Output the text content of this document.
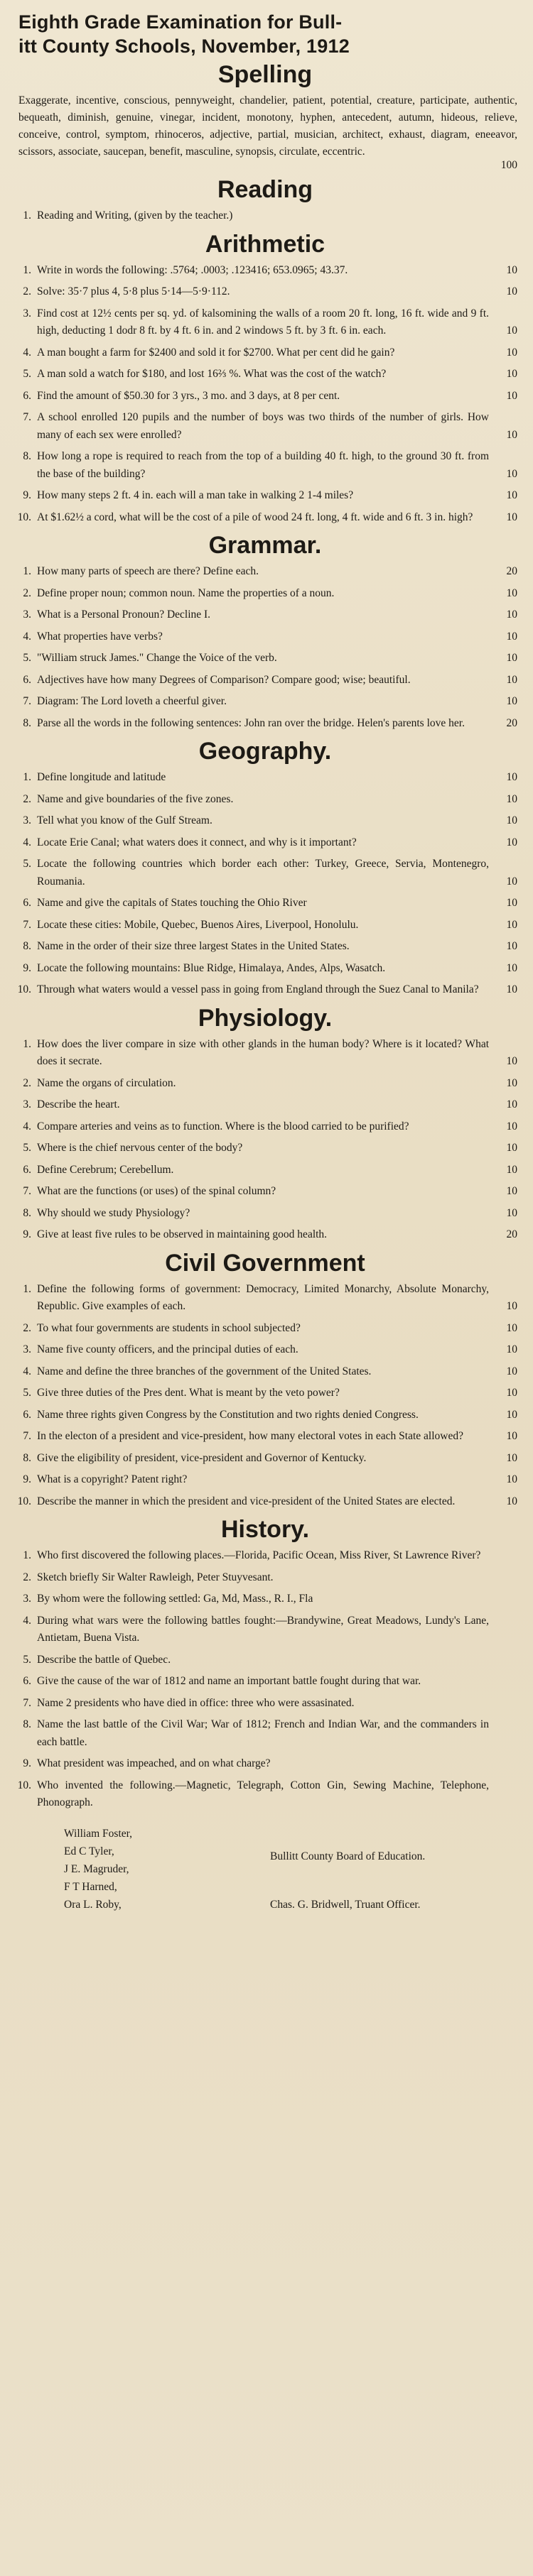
Eighth Grade Examination for Bull-
itt County Schools, November, 1912
Spelling
Exaggerate, incentive, conscious, pennyweight, chandelier, patient, potential, creature, participate, authentic, bequeath, diminish, genuine, vinegar, incident, monotony, hyphen, antecedent, autumn, hideous, relieve, conceive, control, symptom, rhinoceros, adjective, partial, musician, architect, exhaust, diagram, eneeavor, scissors, associate, saucepan, benefit, masculine, synopsis, circulate, eccentric.
100
Reading
1. Reading and Writing, (given by the teacher.)
Arithmetic
1. Write in words the following: .5764; .0003; .123416; 653.0965; 43.37.	10
2. Solve: 35·7 plus 4, 5·8 plus 5·14—5·9·112.	10
3. Find cost at 12½ cents per sq. yd. of kalsomining the walls of a room 20 ft. long, 16 ft. wide and 9 ft. high, deducting 1 dodr 8 ft. by 4 ft. 6 in. and 2 windows 5 ft. by 3 ft. 6 in. each.	10
4. A man bought a farm for $2400 and sold it for $2700. What per cent did he gain?	10
5. A man sold a watch for $180, and lost 16⅔ %. What was the cost of the watch?	10
6. Find the amount of $50.30 for 3 yrs., 3 mo. and 3 days, at 8 per cent.	10
7. A school enrolled 120 pupils and the number of boys was two thirds of the number of girls. How many of each sex were enrolled?	10
8. How long a rope is required to reach from the top of a building 40 ft. high, to the ground 30 ft. from the base of the building?	10
9. How many steps 2 ft. 4 in. each will a man take in walking 2 1-4 miles?	10
10. At $1.62½ a cord, what will be the cost of a pile of wood 24 ft. long, 4 ft. wide and 6 ft. 3 in. high?	10
Grammar.
1. How many parts of speech are there? Define each.	20
2. Define proper noun; common noun. Name the properties of a noun.	10
3. What is a Personal Pronoun? Decline I.	10
4. What properties have verbs?	10
5. "William struck James." Change the Voice of the verb.	10
6. Adjectives have how many Degrees of Comparison? Compare good; wise; beautiful.	10
7. Diagram: The Lord loveth a cheerful giver.	10
8. Parse all the words in the following sentences: John ran over the bridge. Helen's parents love her.	20
Geography.
1. Define longitude and latitude	10
2. Name and give boundaries of the five zones.	10
3. Tell what you know of the Gulf Stream.	10
4. Locate Erie Canal; what waters does it connect, and why is it important?	10
5. Locate the following countries which border each other: Turkey, Greece, Servia, Montenegro, Roumania.	10
6. Name and give the capitals of States touching the Ohio River	10
7. Locate these cities: Mobile, Quebec, Buenos Aires, Liverpool, Honolulu.	10
8. Name in the order of their size three largest States in the United States.	10
9. Locate the following mountains: Blue Ridge, Himalaya, Andes, Alps, Wasatch.	10
10. Through what waters would a vessel pass in going from England through the Suez Canal to Manila?	10
Physiology.
1. How does the liver compare in size with other glands in the human body? Where is it located? What does it secrate.	10
2. Name the organs of circulation.	10
3. Describe the heart.	10
4. Compare arteries and veins as to function. Where is the blood carried to be purified?	10
5. Where is the chief nervous center of the body?	10
6. Define Cerebrum; Cerebellum.	10
7. What are the functions (or uses) of the spinal column?	10
8. Why should we study Physiology?	10
9. Give at least five rules to be observed in maintaining good health.	20
Civil Government
1. Define the following forms of government: Democracy, Limited Monarchy, Absolute Monarchy, Republic. Give examples of each.	10
2. To what four governments are students in school subjected?	10
3. Name five county officers, and the principal duties of each.	10
4. Name and define the three branches of the government of the United States.	10
5. Give three duties of the Pres dent. What is meant by the veto power?	10
6. Name three rights given Congress by the Constitution and two rights denied Congress.	10
7. In the electon of a president and vice-president, how many electoral votes in each State allowed?	10
8. Give the eligibility of president, vice-president and Governor of Kentucky.	10
9. What is a copyright? Patent right?	10
10. Describe the manner in which the president and vice-president of the United States are elected.	10
History.
1. Who first discovered the following places.—Florida, Pacific Ocean, Miss River, St Lawrence River?
2. Sketch briefly Sir Walter Rawleigh, Peter Stuyvesant.
3. By whom were the following settled: Ga, Md, Mass., R. I., Fla
4. During what wars were the following battles fought:—Brandywine, Great Meadows, Lundy's Lane, Antietam, Buena Vista.
5. Describe the battle of Quebec.
6. Give the cause of the war of 1812 and name an important battle fought during that war.
7. Name 2 presidents who have died in office: three who were assasinated.
8. Name the last battle of the Civil War; War of 1812; French and Indian War, and the commanders in each battle.
9. What president was impeached, and on what charge?
10. Who invented the following.—Magnetic, Telegraph, Cotton Gin, Sewing Machine, Telephone, Phonograph.
William Foster,
Ed C Tyler,
J E. Magruder,
F T Harned,
Ora L. Roby,
Bullitt County Board of Education.
Chas. G. Bridwell, Truant Officer.
